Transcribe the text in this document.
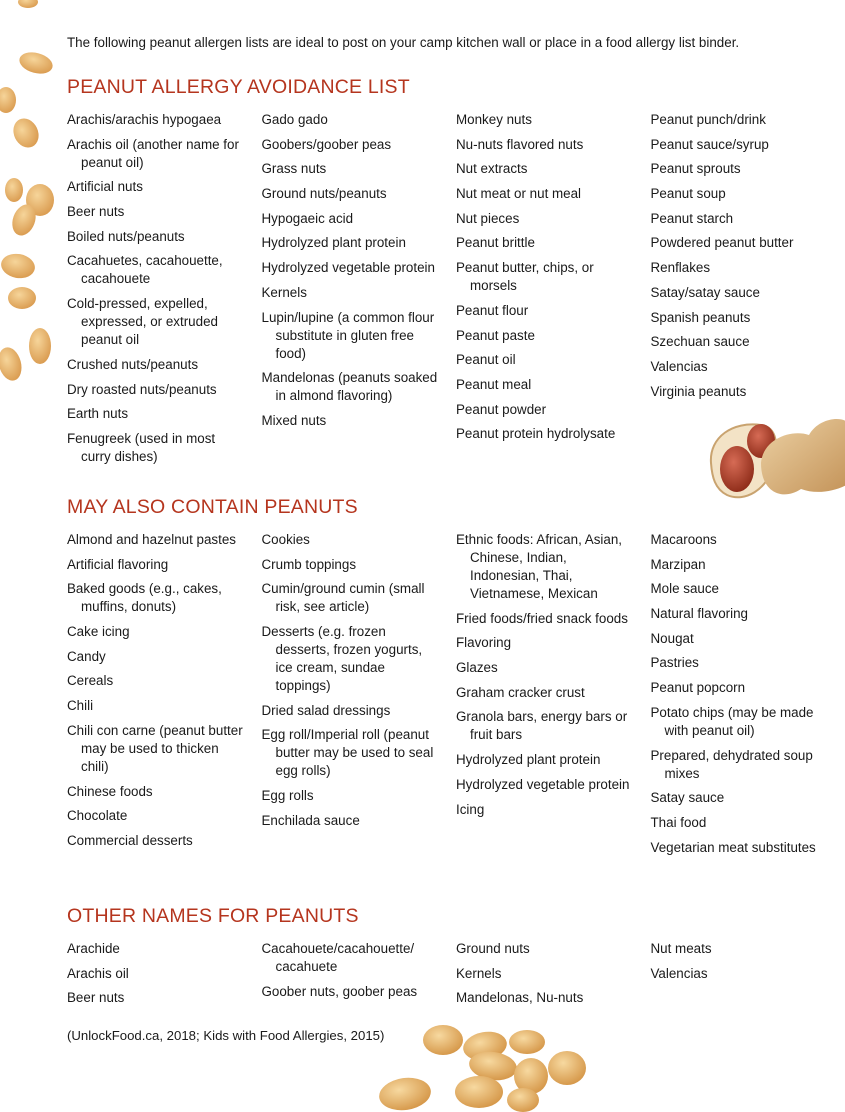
The following peanut allergen lists are ideal to post on your camp kitchen wall or place in a food allergy list binder.

PEANUT ALLERGY AVOIDANCE LIST
Arachis/arachis hypogaea
Arachis oil (another name for peanut oil)
Artificial nuts
Beer nuts
Boiled nuts/peanuts
Cacahuetes, cacahouette, cacahouete
Cold-pressed, expelled, expressed, or extruded peanut oil
Crushed nuts/peanuts
Dry roasted nuts/peanuts
Earth nuts
Fenugreek (used in most curry dishes)
Gado gado
Goobers/goober peas
Grass nuts
Ground nuts/peanuts
Hypogaeic acid
Hydrolyzed plant protein
Hydrolyzed vegetable protein
Kernels
Lupin/lupine (a common flour substitute in gluten free food)
Mandelonas (peanuts soaked in almond flavoring)
Mixed nuts
Monkey nuts
Nu-nuts flavored nuts
Nut extracts
Nut meat or nut meal
Nut pieces
Peanut brittle
Peanut butter, chips, or morsels
Peanut flour
Peanut paste
Peanut oil
Peanut meal
Peanut powder
Peanut protein hydrolysate
Peanut punch/drink
Peanut sauce/syrup
Peanut sprouts
Peanut soup
Peanut starch
Powdered peanut butter
Renflakes
Satay/satay sauce
Spanish peanuts
Szechuan sauce
Valencias
Virginia peanuts
MAY ALSO CONTAIN PEANUTS
Almond and hazelnut pastes
Artificial flavoring
Baked goods (e.g., cakes, muffins, donuts)
Cake icing
Candy
Cereals
Chili
Chili con carne (peanut butter may be used to thicken chili)
Chinese foods
Chocolate
Commercial desserts
Cookies
Crumb toppings
Cumin/ground cumin (small risk, see article)
Desserts (e.g. frozen desserts, frozen yogurts, ice cream, sundae toppings)
Dried salad dressings
Egg roll/Imperial roll (peanut butter may be used to seal egg rolls)
Egg rolls
Enchilada sauce
Ethnic foods: African, Asian, Chinese, Indian, Indonesian, Thai, Vietnamese, Mexican
Fried foods/fried snack foods
Flavoring
Glazes
Graham cracker crust
Granola bars, energy bars or fruit bars
Hydrolyzed plant protein
Hydrolyzed vegetable protein
Icing
Macaroons
Marzipan
Mole sauce
Natural flavoring
Nougat
Pastries
Peanut popcorn
Potato chips (may be made with peanut oil)
Prepared, dehydrated soup mixes
Satay sauce
Thai food
Vegetarian meat substitutes
OTHER NAMES FOR PEANUTS
Arachide
Arachis oil
Beer nuts
Cacahouete/cacahouette/ cacahuete
Goober nuts, goober peas
Ground nuts
Kernels
Mandelonas, Nu-nuts
Nut meats
Valencias

(UnlockFood.ca, 2018; Kids with Food Allergies, 2015)
